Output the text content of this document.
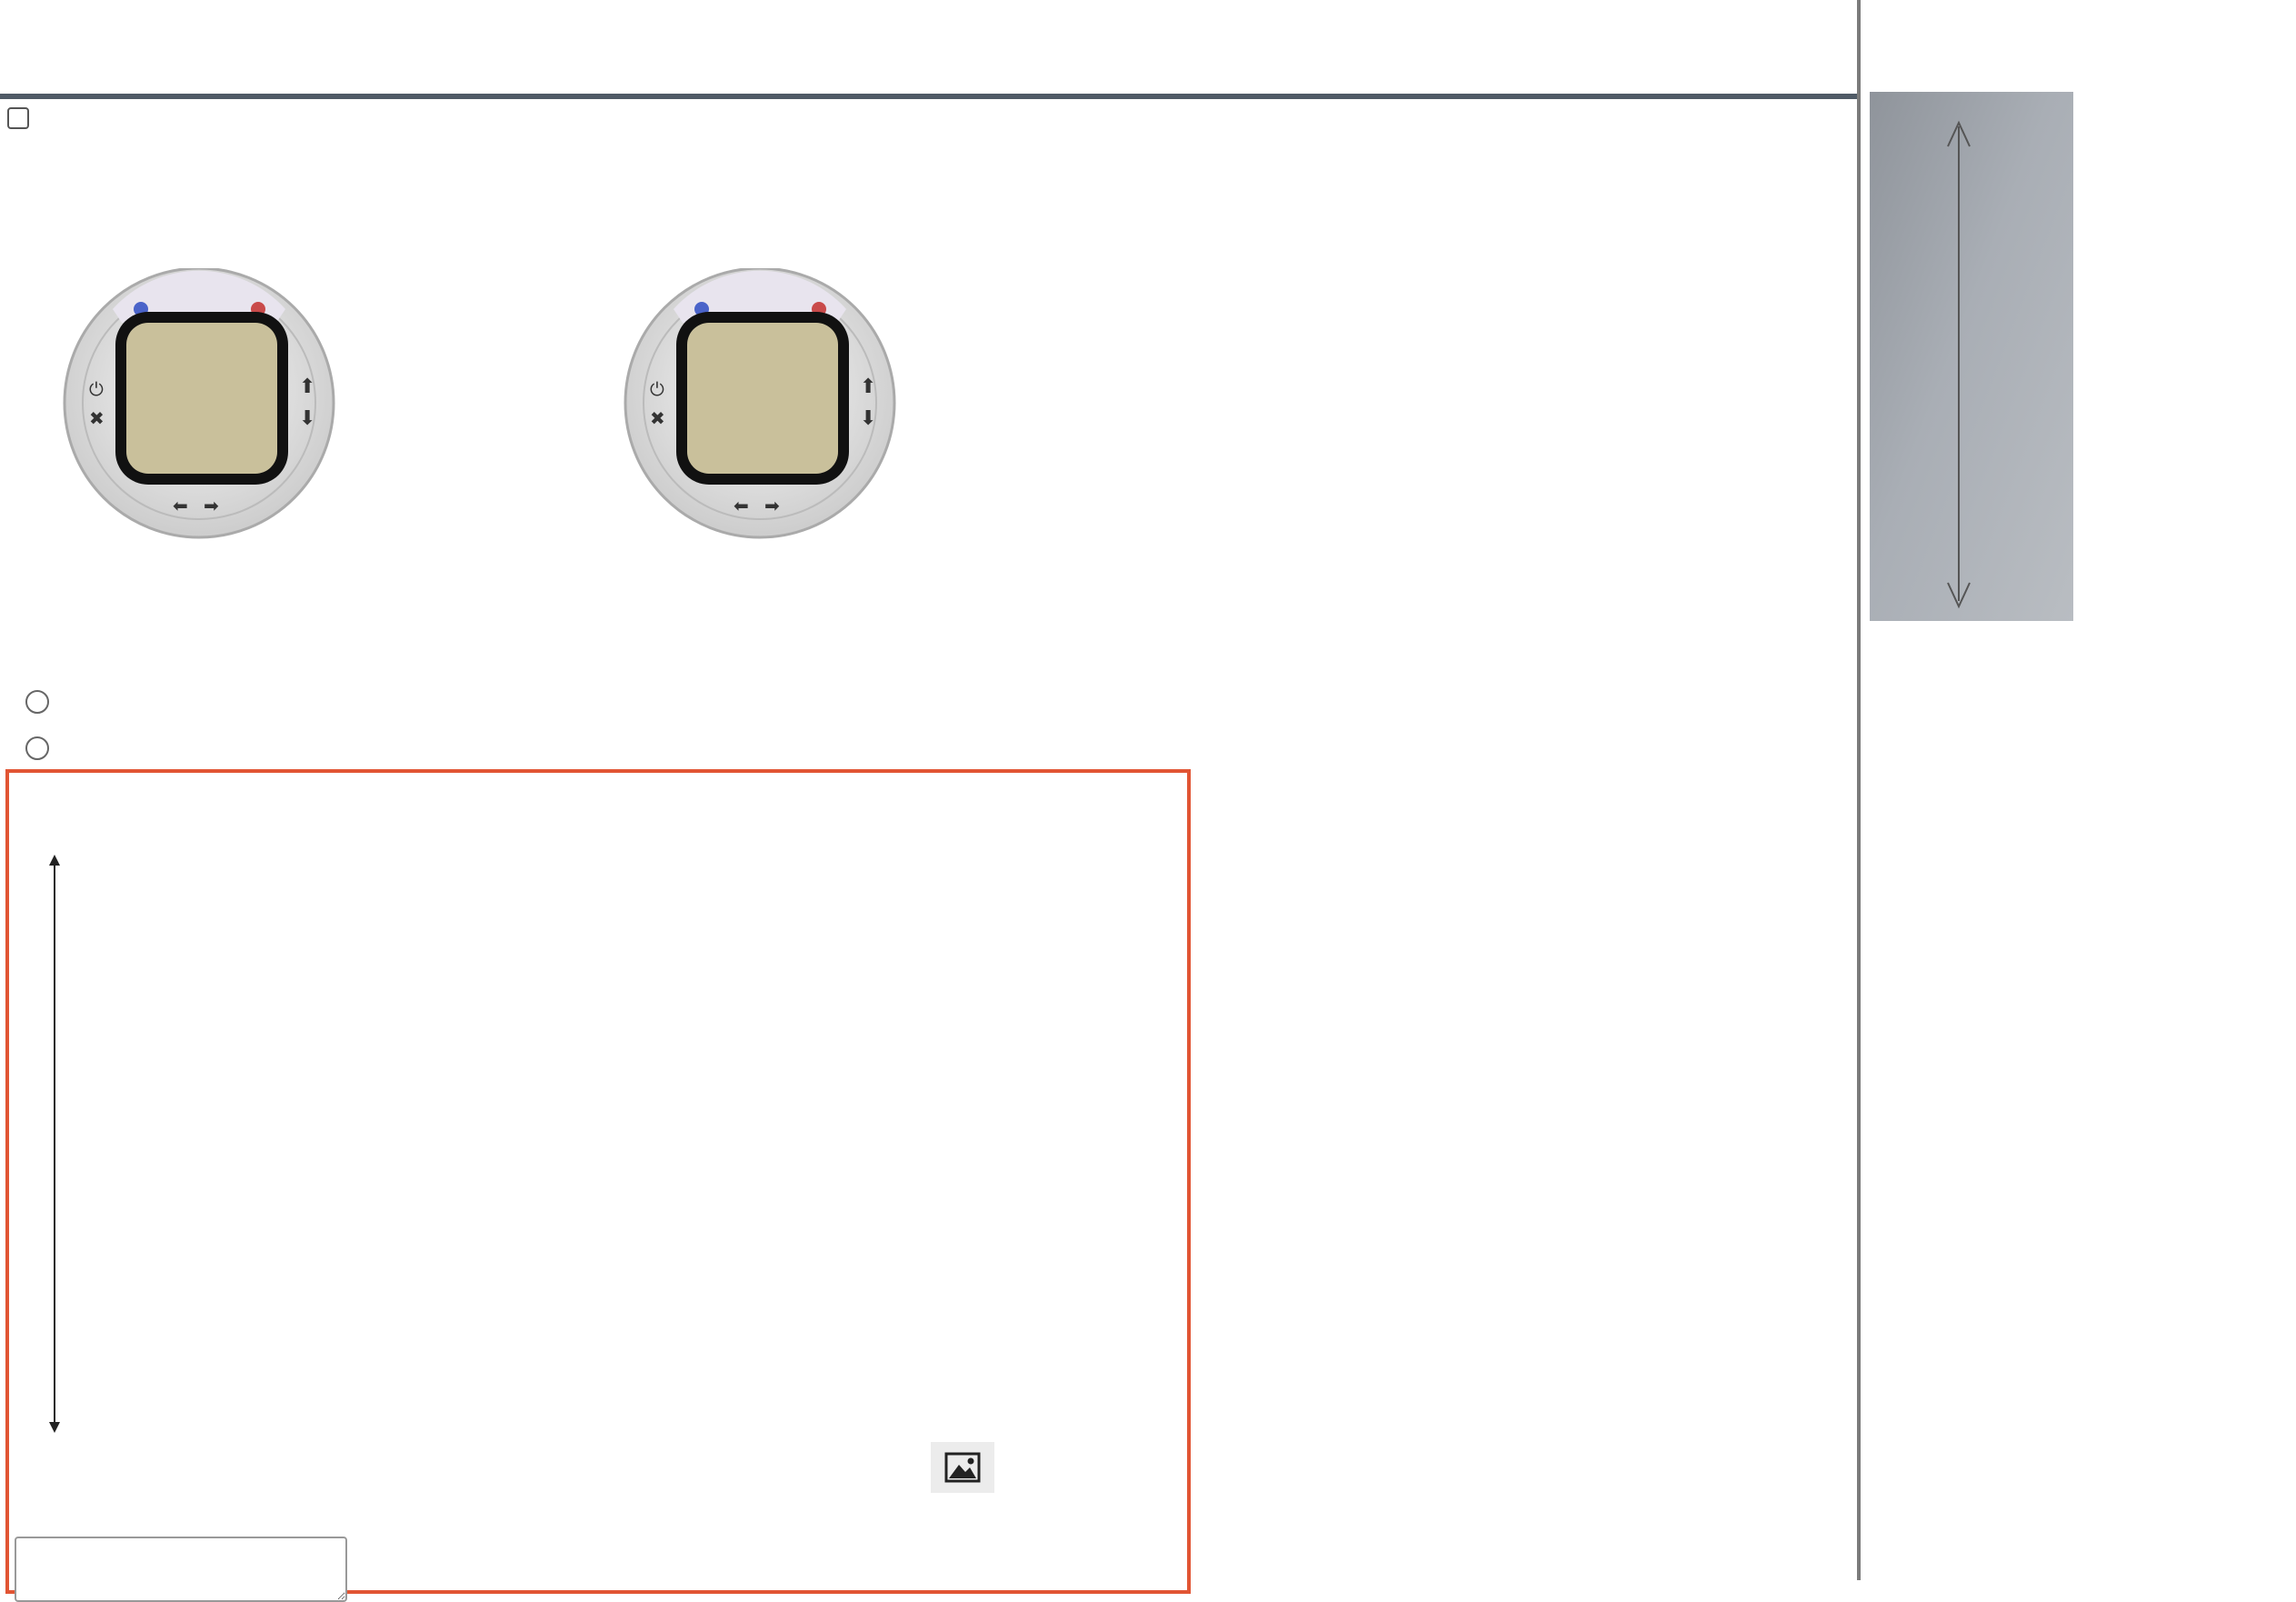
⏻
✖
⬆
⬇
⬅ ➡
⏻
✖
⬆
⬇
⬅ ➡
